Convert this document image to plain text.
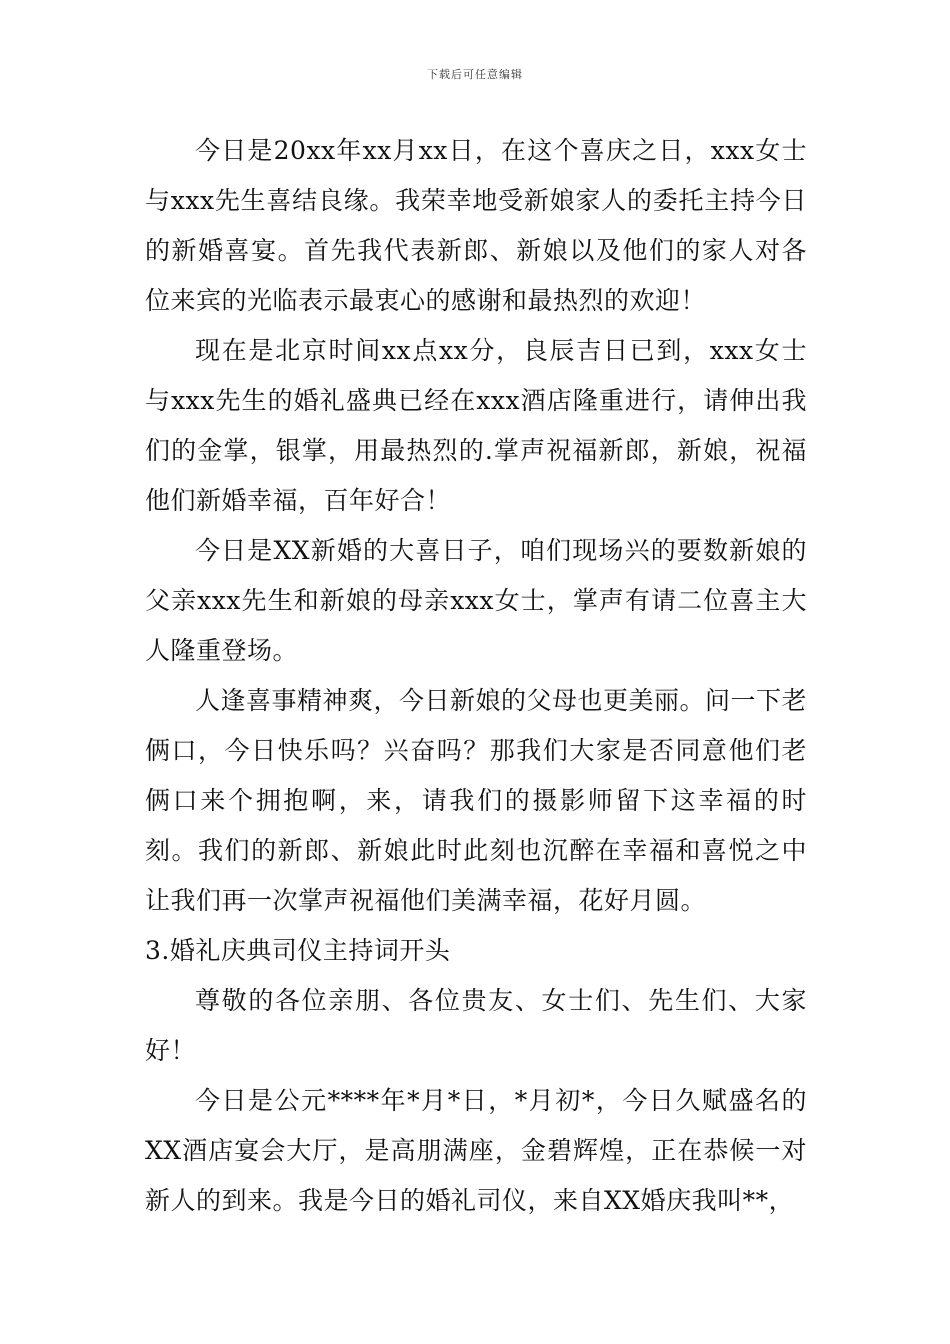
下载后可任意编辑

今日是20xx年xx月xx日，在这个喜庆之日，xxx女士与xxx先生喜结良缘。我荣幸地受新娘家人的委托主持今日的新婚喜宴。首先我代表新郎、新娘以及他们的家人对各位来宾的光临表示最衷心的感谢和最热烈的欢迎！

现在是北京时间xx点xx分，良辰吉日已到，xxx女士与xxx先生的婚礼盛典已经在xxx酒店隆重进行，请伸出我们的金掌，银掌，用最热烈的.掌声祝福新郎，新娘，祝福他们新婚幸福，百年好合！

今日是XX新婚的大喜日子，咱们现场兴的要数新娘的父亲xxx先生和新娘的母亲xxx女士，掌声有请二位喜主大人隆重登场。

人逢喜事精神爽，今日新娘的父母也更美丽。问一下老俩口，今日快乐吗？兴奋吗？那我们大家是否同意他们老俩口来个拥抱啊，来，请我们的摄影师留下这幸福的时刻。我们的新郎、新娘此时此刻也沉醉在幸福和喜悦之中让我们再一次掌声祝福他们美满幸福，花好月圆。

3.婚礼庆典司仪主持词开头

尊敬的各位亲朋、各位贵友、女士们、先生们、大家好！

今日是公元****年*月*日，*月初*，今日久赋盛名的XX酒店宴会大厅，是高朋满座，金碧辉煌，正在恭候一对新人的到来。我是今日的婚礼司仪，来自XX婚庆我叫**，
